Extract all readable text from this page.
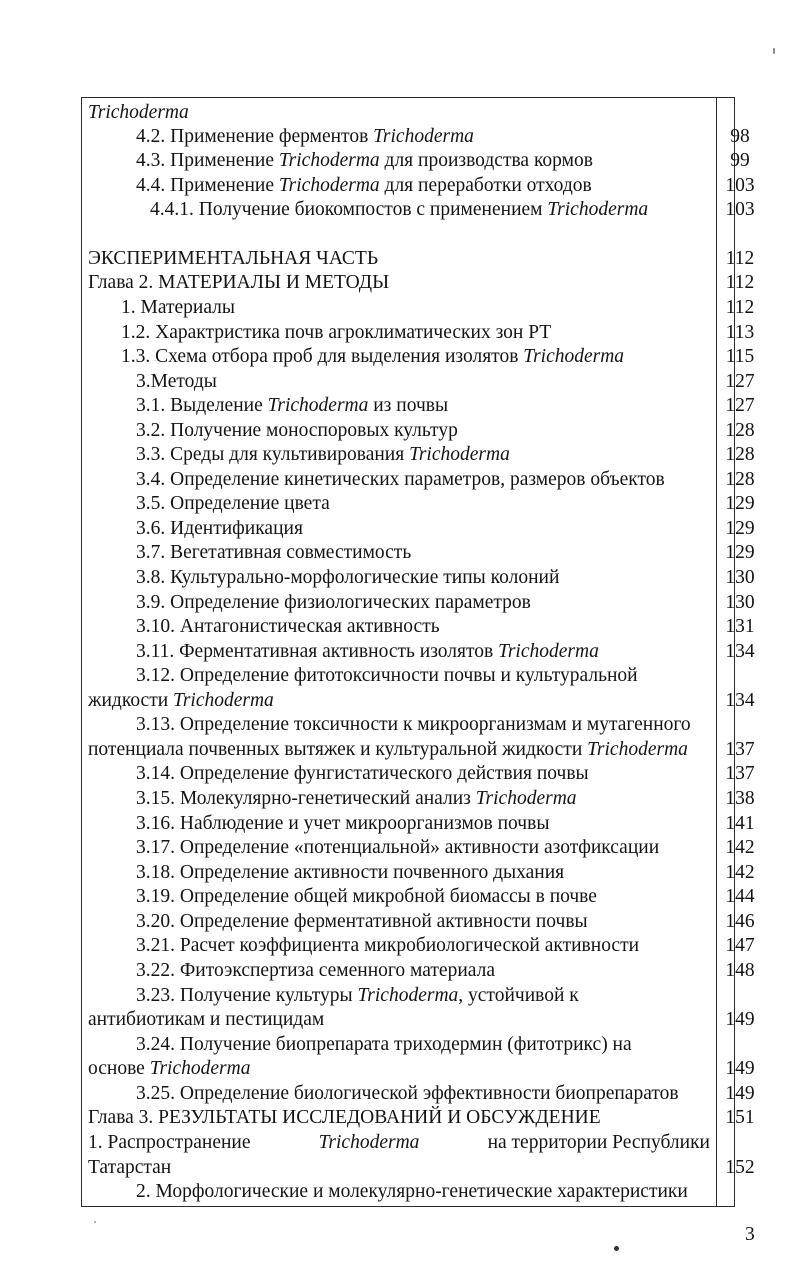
Trichoderma
4.2. Применение ферментов Trichoderma	98
4.3. Применение Trichoderma для производства кормов	99
4.4. Применение Trichoderma для переработки отходов	103
4.4.1. Получение биокомпостов с применением Trichoderma	103
ЭКСПЕРИМЕНТАЛЬНАЯ ЧАСТЬ	112
Глава 2. МАТЕРИАЛЫ И МЕТОДЫ	112
1. Материалы	112
1.2. Характристика почв агроклиматических зон РТ	113
1.3. Схема отбора проб для выделения изолятов Trichoderma	115
3.Методы	127
3.1. Выделение Trichoderma из почвы	127
3.2. Получение моноспоровых культур	128
3.3. Среды для культивирования Trichoderma	128
3.4. Определение кинетических параметров, размеров объектов	128
3.5. Определение цвета	129
3.6. Идентификация	129
3.7. Вегетативная совместимость	129
3.8. Культурально-морфологические типы колоний	130
3.9. Определение физиологических параметров	130
3.10. Антагонистическая активность	131
3.11. Ферментативная активность изолятов Trichoderma	134
3.12. Определение фитотоксичности почвы и культуральной
жидкости Trichoderma	134
3.13. Определение токсичности к микроорганизмам и мутагенного
потенциала почвенных вытяжек и культуральной жидкости Trichoderma 137
3.14. Определение фунгистатического действия почвы	137
3.15. Молекулярно-генетический анализ Trichoderma	138
3.16. Наблюдение и учет микроорганизмов почвы	141
3.17. Определение «потенциальной» активности азотфиксации	142
3.18. Определение активности почвенного дыхания	142
3.19. Определение общей микробной биомассы в почве	144
3.20. Определение ферментативной активности почвы	146
3.21. Расчет коэффициента микробиологической активности	147
3.22. Фитоэкспертиза семенного материала	148
3.23. Получение культуры Trichoderma, устойчивой к
антибиотикам и пестицидам	149
3.24. Получение биопрепарата триходермин (фитотрикс) на
основе Trichoderma	149
3.25. Определение биологической эффективности биопрепаратов 149
Глава 3. РЕЗУЛЬТАТЫ ИССЛЕДОВАНИЙ И ОБСУЖДЕНИЕ	151
1. Распространение	Trichoderma	на территории Республики
Татарстан	152
2. Морфологические и молекулярно-генетические характеристики
3
